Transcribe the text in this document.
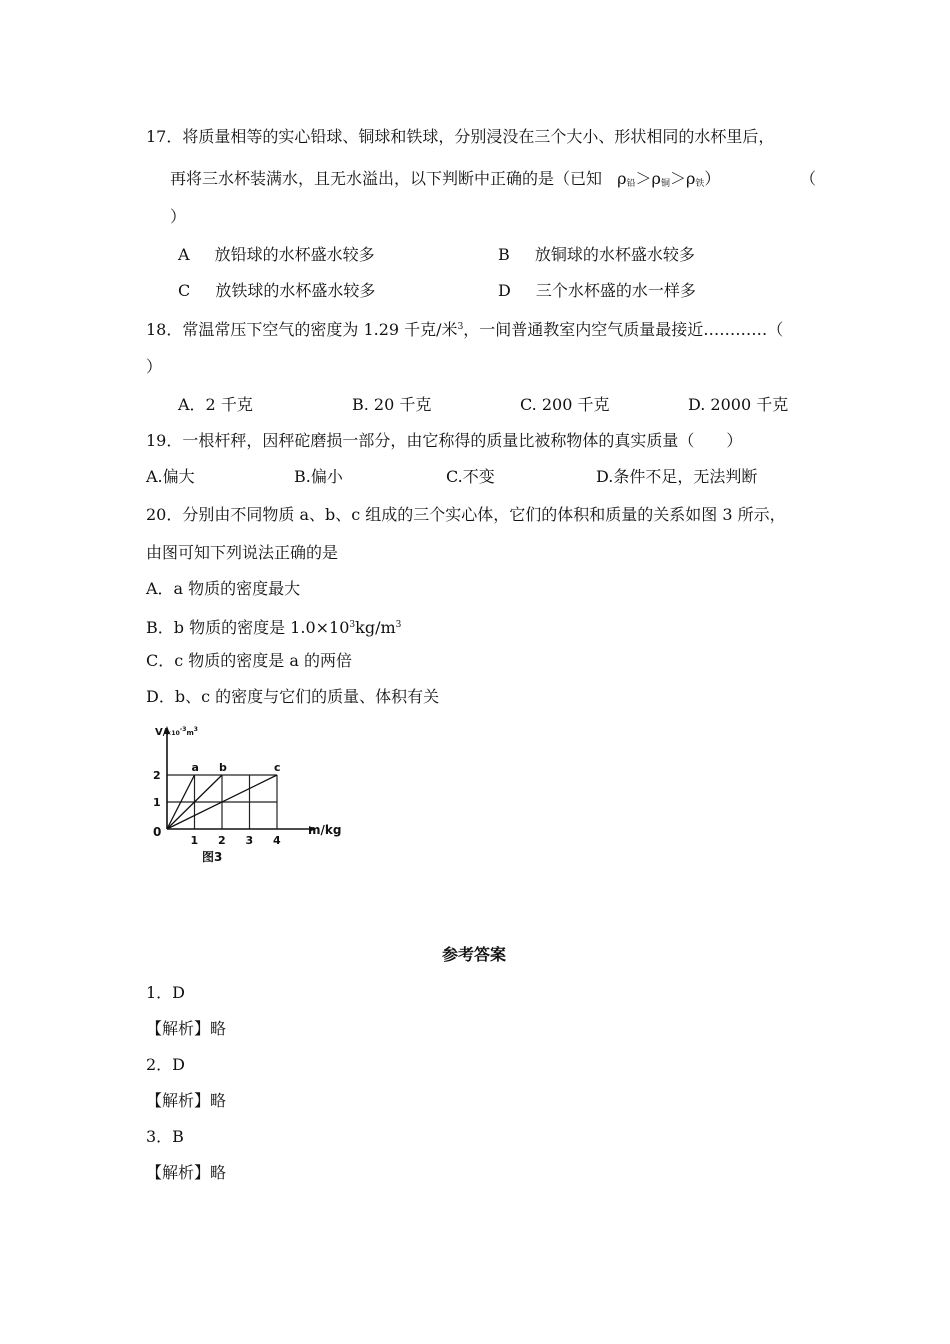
17．将质量相等的实心铅球、铜球和铁球，分别浸没在三个大小、形状相同的水杯里后，
再将三水杯装满水，且无水溢出，以下判断中正确的是（已知 $\rho_铅>\rho_铜>\rho_铁$）	（
）
A 放铅球的水杯盛水较多	B 放铜球的水杯盛水较多
C 放铁球的水杯盛水较多	D 三个水杯盛的水一样多
18．常温常压下空气的密度为 1.29 千克/米$^3$，一间普通教室内空气质量最接近…………（
）
A．2 千克	B. 20 千克	C. 200 千克	D. 2000 千克
19．一根杆秤，因秤砣磨损一部分，由它称得的质量比被称物体的真实质量（　　）
A.偏大	B.偏小	C.不变	D.条件不足，无法判断
20．分别由不同物质 a、b、c 组成的三个实心体，它们的体积和质量的关系如图 3 所示，
由图可知下列说法正确的是
A．a 物质的密度最大
B．b 物质的密度是 $1.0\times 10^3kg/m^3$
C．c 物质的密度是 a 的两倍
D．b、c 的密度与它们的质量、体积有关
a b	c
1 2 3 4
1
2
$V/\times 10^{-3}_m^3$
m/kg
图3
0
参考答案
1．D
【解析】略
2．D
【解析】略
3．B
【解析】略
